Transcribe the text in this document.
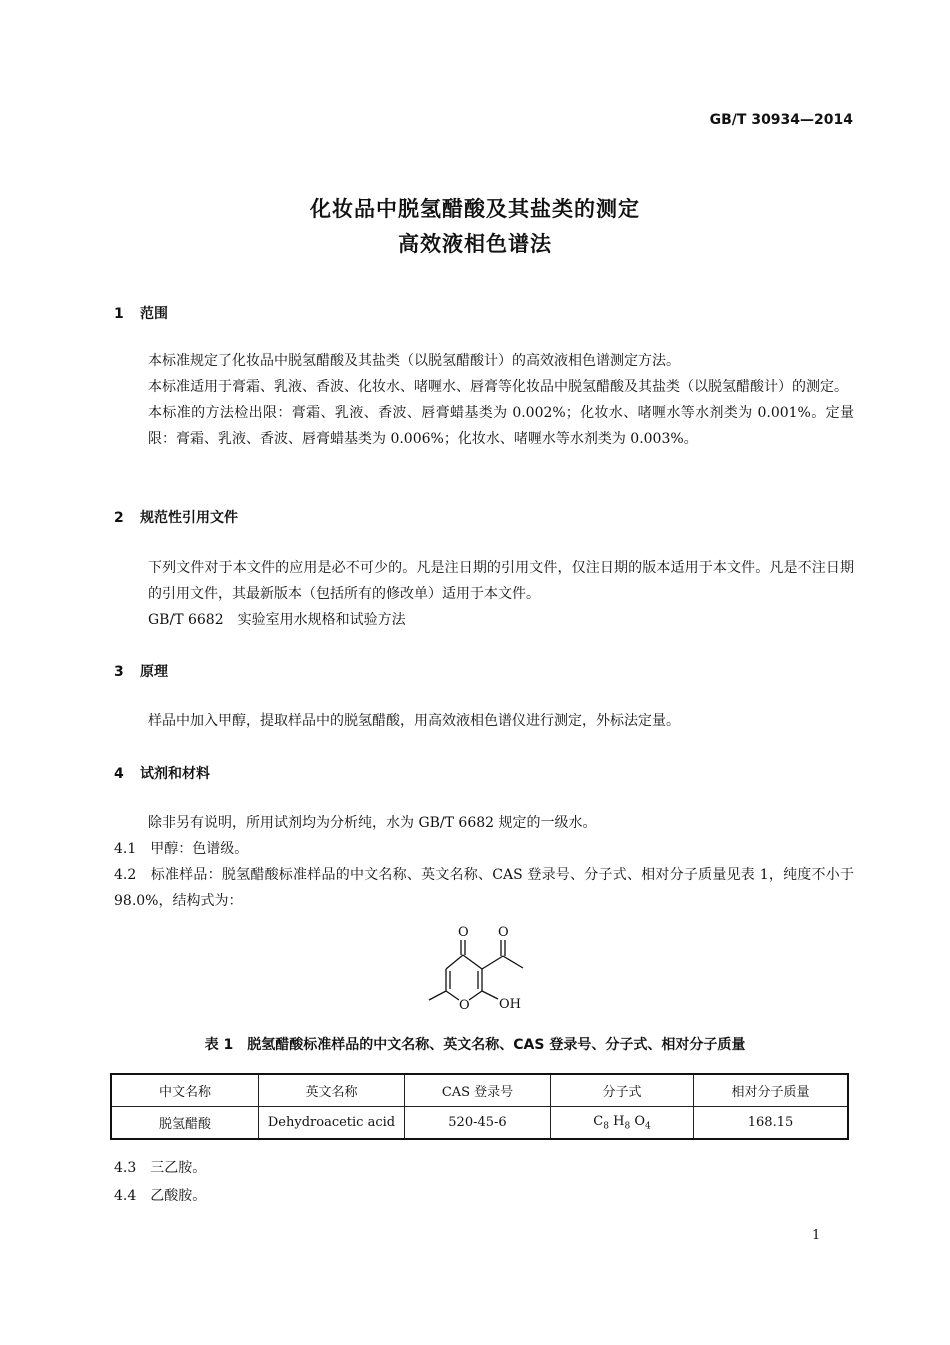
GB/T 30934—2014
化妆品中脱氢醋酸及其盐类的测定
高效液相色谱法
1 范围
本标准规定了化妆品中脱氢醋酸及其盐类（以脱氢醋酸计）的高效液相色谱测定方法。
本标准适用于膏霜、乳液、香波、化妆水、啫喱水、唇膏等化妆品中脱氢醋酸及其盐类（以脱氢醋酸计）的测定。
本标准的方法检出限：膏霜、乳液、香波、唇膏蜡基类为 0.002%；化妆水、啫喱水等水剂类为 0.001%。定量限：膏霜、乳液、香波、唇膏蜡基类为 0.006%；化妆水、啫喱水等水剂类为 0.003%。
2 规范性引用文件
下列文件对于本文件的应用是必不可少的。凡是注日期的引用文件，仅注日期的版本适用于本文件。凡是不注日期的引用文件，其最新版本（包括所有的修改单）适用于本文件。
GB/T 6682　实验室用水规格和试验方法
3 原理
样品中加入甲醇，提取样品中的脱氢醋酸，用高效液相色谱仪进行测定，外标法定量。
4 试剂和材料
除非另有说明，所用试剂均为分析纯，水为 GB/T 6682 规定的一级水。
4.1　甲醇：色谱级。
4.2　标准样品：脱氢醋酸标准样品的中文名称、英文名称、CAS 登录号、分子式、相对分子质量见表 1，纯度不小于 98.0%，结构式为：
O O
O OH
表 1　脱氢醋酸标准样品的中文名称、英文名称、CAS 登录号、分子式、相对分子质量
中文名称	英文名称	CAS 登录号	分子式	相对分子质量
脱氢醋酸	Dehydroacetic acid	520-45-6	$C_8$ $H_8$ $O_4$	168.15
4.3　三乙胺。
4.4　乙酸胺。
1
